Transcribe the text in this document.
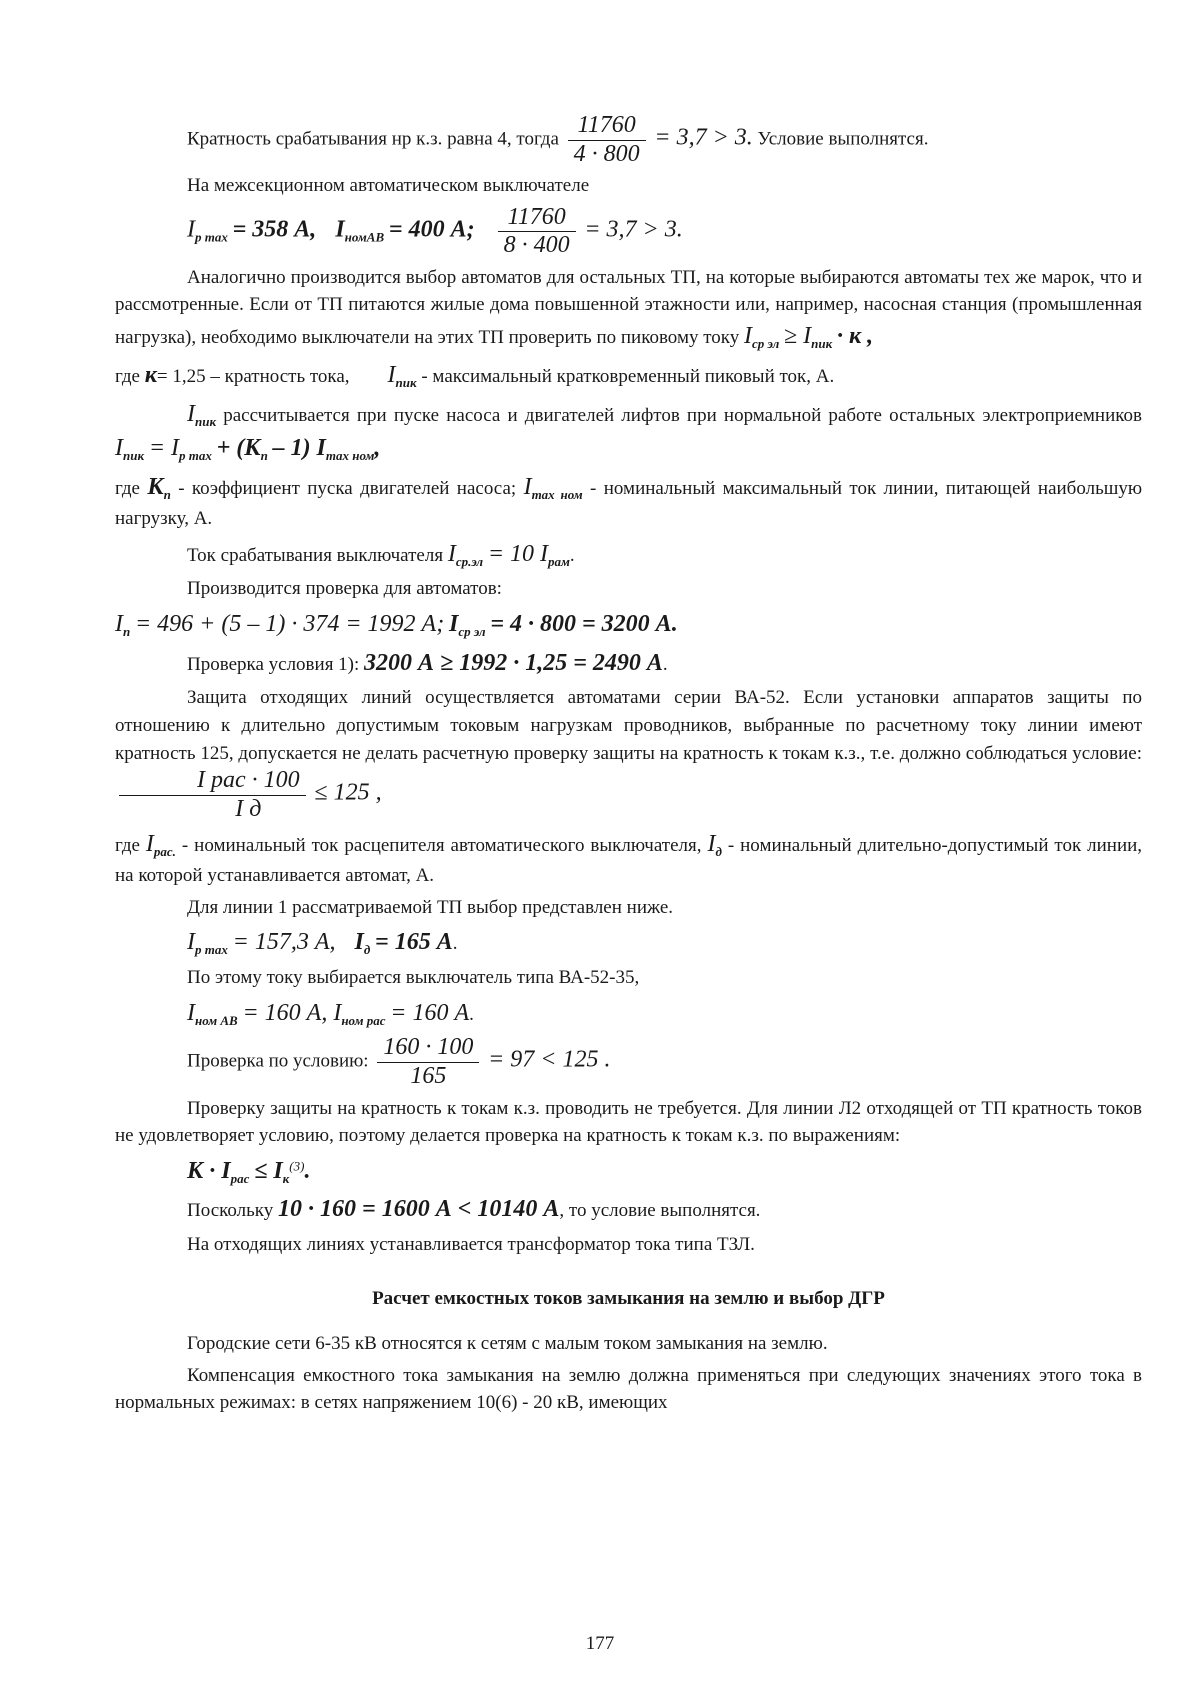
Кратность срабатывания нр к.з. равна 4, тогда $\frac{11760}{4 \cdot 800} = 3,7 > 3$. Условие выполнятся.

На межсекционном автоматическом выключателе

$I_{p max} = 358$ А, $I_{номАВ} = 400$ А; $\frac{11760}{8 \cdot 400} = 3,7 > 3$.

Аналогично производится выбор автоматов для остальных ТП, на которые выбираются автоматы тех же марок, что и рассмотренные. Если от ТП питаются жилые дома повышенной этажности или, например, насосная станция (промышленная нагрузка), необходимо выключатели на этих ТП проверить по пиковому току $I_{ср эл} \ge I_{пик} \cdot к$ ,

где к= 1,25 – кратность тока, $I_{пик}$ - максимальный кратковременный пиковый ток, А.

$I_{пик}$ рассчитывается при пуске насоса и двигателей лифтов при нормальной работе остальных электроприемников $I_{пик} = I_{p max} + (К_п - 1)$ $I_{max ном}$,

где $К_п$ - коэффициент пуска двигателей насоса; $I_{max ном}$ - номинальный максимальный ток линии, питающей наибольшую нагрузку, А.

Ток срабатывания выключателя $I_{ср.эл} = 10$ $I_{рам}$.

Производится проверка для автоматов:

$I_п = 496 + (5 - 1) \cdot 374 = 1992$ А; $I_{ср эл} = 4 \cdot 800 = 3200$ А.

Проверка условия 1): 3200 А ≥ 1992 · 1,25 = 2490 А.

Защита отходящих линий осуществляется автоматами серии ВА-52. Если установки аппаратов защиты по отношению к длительно допустимым токовым нагрузкам проводников, выбранные по расчетному току линии имеют кратность 125, допускается не делать расчетную проверку защиты на кратность к токам к.з., т.е. должно соблюдаться условие:
$\frac{\text{I рас · 100}}{\text{I д}} \le 125$ ,

где $I_{рас.}$ - номинальный ток расцепителя автоматического выключателя, $I_д$ - номинальный длительно-допустимый ток линии, на которой устанавливается автомат, А.

Для линии 1 рассматриваемой ТП выбор представлен ниже.

$I_{p max} = 157,3$ А, $I_д = 165$ А.

По этому току выбирается выключатель типа ВА-52-35,

$I_{ном АВ} = 160$ А, $I_{ном рас} = 160$ А.

Проверка по условию: $\frac{160 \cdot 100}{165} = 97 < 125$ .

Проверку защиты на кратность к токам к.з. проводить не требуется. Для линии Л2 отходящей от ТП кратность токов не удовлетворяет условию, поэтому делается проверка на кратность к токам к.з. по выражениям:

$К \cdot I_{рас} \le I_к^{(3)}$.

Поскольку 10 · 160 = 1600 А < 10140 А, то условие выполнятся.

На отходящих линиях устанавливается трансформатор тока типа ТЗЛ.

Расчет емкостных токов замыкания на землю и выбор ДГР

Городские сети 6-35 кВ относятся к сетям с малым током замыкания на землю.

Компенсация емкостного тока замыкания на землю должна применяться при следующих значениях этого тока в нормальных режимах: в сетях напряжением 10(6) - 20 кВ, имеющих

177
